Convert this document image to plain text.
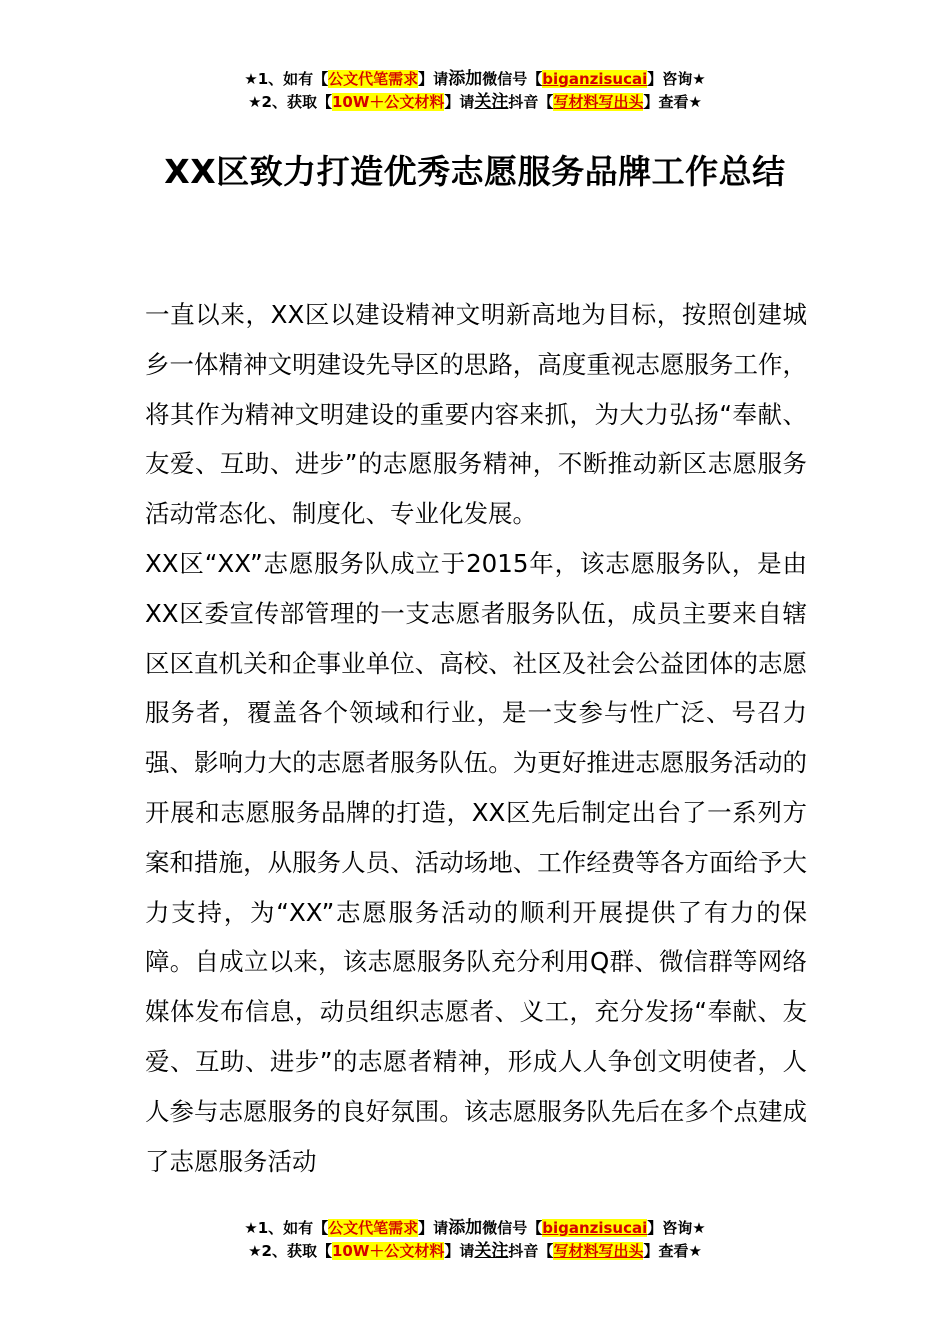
★1、如有【公文代笔需求】请添加微信号【biganzisucai】咨询★
★2、获取【10W＋公文材料】请关注抖音【写材料写出头】查看★
XX区致力打造优秀志愿服务品牌工作总结

一直以来，XX区以建设精神文明新高地为目标，按照创建城乡一体精神文明建设先导区的思路，高度重视志愿服务工作，将其作为精神文明建设的重要内容来抓，为大力弘扬“奉献、友爱、互助、进步”的志愿服务精神，不断推动新区志愿服务活动常态化、制度化、专业化发展。

XX区“XX”志愿服务队成立于2015年，该志愿服务队，是由XX区委宣传部管理的一支志愿者服务队伍，成员主要来自辖区区直机关和企事业单位、高校、社区及社会公益团体的志愿服务者，覆盖各个领域和行业，是一支参与性广泛、号召力强、影响力大的志愿者服务队伍。为更好推进志愿服务活动的开展和志愿服务品牌的打造，XX区先后制定出台了一系列方案和措施，从服务人员、活动场地、工作经费等各方面给予大力支持，为“XX”志愿服务活动的顺利开展提供了有力的保障。自成立以来，该志愿服务队充分利用Q群、微信群等网络媒体发布信息，动员组织志愿者、义工，充分发扬“奉献、友爱、互助、进步”的志愿者精神，形成人人争创文明使者，人人参与志愿服务的良好氛围。该志愿服务队先后在多个点建成了志愿服务活动

★1、如有【公文代笔需求】请添加微信号【biganzisucai】咨询★
★2、获取【10W＋公文材料】请关注抖音【写材料写出头】查看★
